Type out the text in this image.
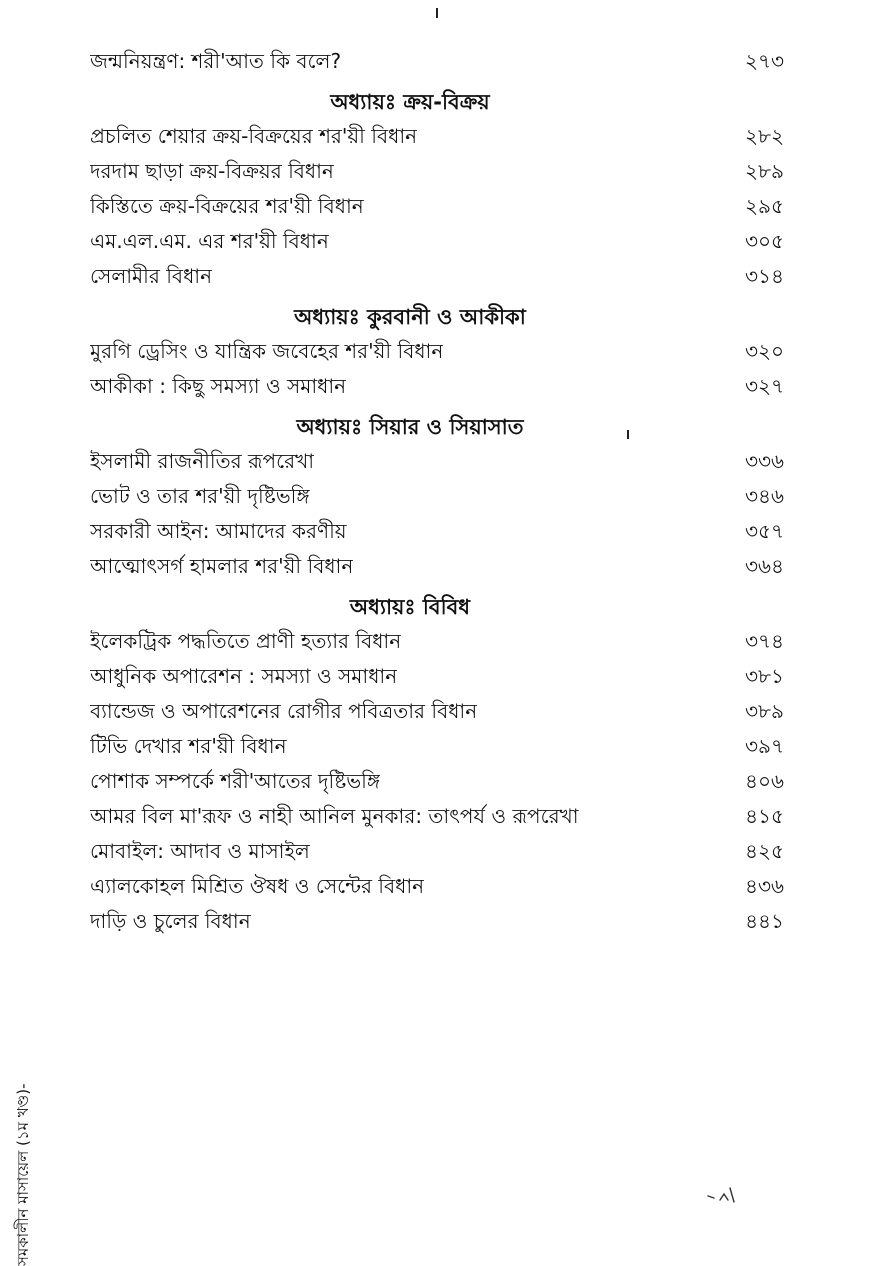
জন্মনিয়ন্ত্রণ: শরী'আত কি বলে?	২৭৩
অধ্যায়ঃ ক্রয়-বিক্রয়
প্রচলিত শেয়ার ক্রয়-বিক্রয়ের শর'য়ী বিধান	২৮২
দরদাম ছাড়া ক্রয়-বিক্রয়র বিধান	২৮৯
কিস্তিতে ক্রয়-বিক্রয়ের শর'য়ী বিধান	২৯৫
এম.এল.এম. এর শর'য়ী বিধান	৩০৫
সেলামীর বিধান	৩১৪
অধ্যায়ঃ কুরবানী ও আকীকা
মুরগি ড্রেসিং ও যান্ত্রিক জবেহের শর'য়ী বিধান	৩২০
আকীকা : কিছু সমস্যা ও সমাধান	৩২৭
অধ্যায়ঃ সিয়ার ও সিয়াসাত
ইসলামী রাজনীতির রূপরেখা	৩৩৬
ভোট ও তার শর'য়ী দৃষ্টিভঙ্গি	৩৪৬
সরকারী আইন: আমাদের করণীয়	৩৫৭
আত্মোৎসর্গ হামলার শর'য়ী বিধান	৩৬৪
অধ্যায়ঃ বিবিধ
ইলেকট্রিক পদ্ধতিতে প্রাণী হত্যার বিধান	৩৭৪
আধুনিক অপারেশন : সমস্যা ও সমাধান	৩৮১
ব্যান্ডেজ ও অপারেশনের রোগীর পবিত্রতার বিধান	৩৮৯
টিভি দেখার শর'য়ী বিধান	৩৯৭
পোশাক সম্পর্কে শরী'আতের দৃষ্টিভঙ্গি	৪০৬
আমর বিল মা'রূফ ও নাহী আনিল মুনকার: তাৎপর্য ও রূপরেখা	৪১৫
মোবাইল: আদাব ও মাসাইল	৪২৫
এ্যালকোহল মিশ্রিত ঔষধ ও সেন্টের বিধান	৪৩৬
দাড়ি ও চুলের বিধান	৪৪১
সমকালীন মাসায়েল (১ম খণ্ড)-
